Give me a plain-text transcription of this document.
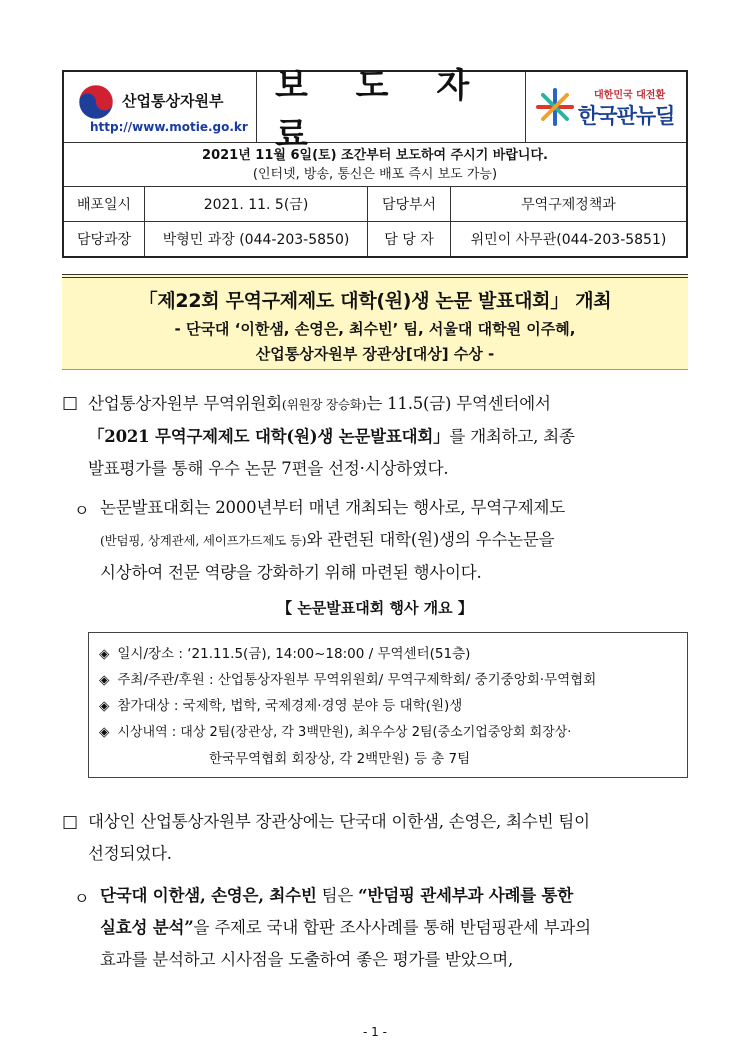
산업통상자원부
http://www.motie.go.kr
보 도 자 료
대한민국 대전환
한국판뉴딜
2021년 11월 6일(토) 조간부터 보도하여 주시기 바랍니다.
(인터넷, 방송, 통신은 배포 즉시 보도 가능)
배포일시	2021. 11. 5(금)	담당부서	무역구제정책과
담당과장	박형민 과장 (044-203-5850)	담 당 자	위민이 사무관(044-203-5851)
「제22회 무역구제제도 대학(원)생 논문 발표대회」 개최
- 단국대 ‘이한샘, 손영은, 최수빈’ 팀, 서울대 대학원 이주혜,
산업통상자원부 장관상[대상] 수상 -
□ 산업통상자원부 무역위원회(위원장 장승화)는 11.5(금) 무역센터에서
「2021 무역구제제도 대학(원)생 논문발표대회」를 개최하고, 최종
발표평가를 통해 우수 논문 7편을 선정·시상하였다.
ㅇ 논문발표대회는 2000년부터 매년 개최되는 행사로, 무역구제제도
(반덤핑, 상계관세, 세이프가드제도 등)와 관련된 대학(원)생의 우수논문을
시상하여 전문 역량을 강화하기 위해 마련된 행사이다.
【 논문발표대회 행사 개요 】
◈ 일시/장소 : ‘21.11.5(금), 14:00~18:00 / 무역센터(51층)
◈ 주최/주관/후원 : 산업통상자원부 무역위원회/ 무역구제학회/ 중기중앙회·무역협회
◈ 참가대상 : 국제학, 법학, 국제경제·경영 분야 등 대학(원)생
◈ 시상내역 : 대상 2팀(장관상, 각 3백만원), 최우수상 2팀(중소기업중앙회 회장상·
한국무역협회 회장상, 각 2백만원) 등 총 7팀
□ 대상인 산업통상자원부 장관상에는 단국대 이한샘, 손영은, 최수빈 팀이
선정되었다.
ㅇ 단국대 이한샘, 손영은, 최수빈 팀은 “반덤핑 관세부과 사례를 통한
실효성 분석”을 주제로 국내 합판 조사사례를 통해 반덤핑관세 부과의
효과를 분석하고 시사점을 도출하여 좋은 평가를 받았으며,
- 1 -
